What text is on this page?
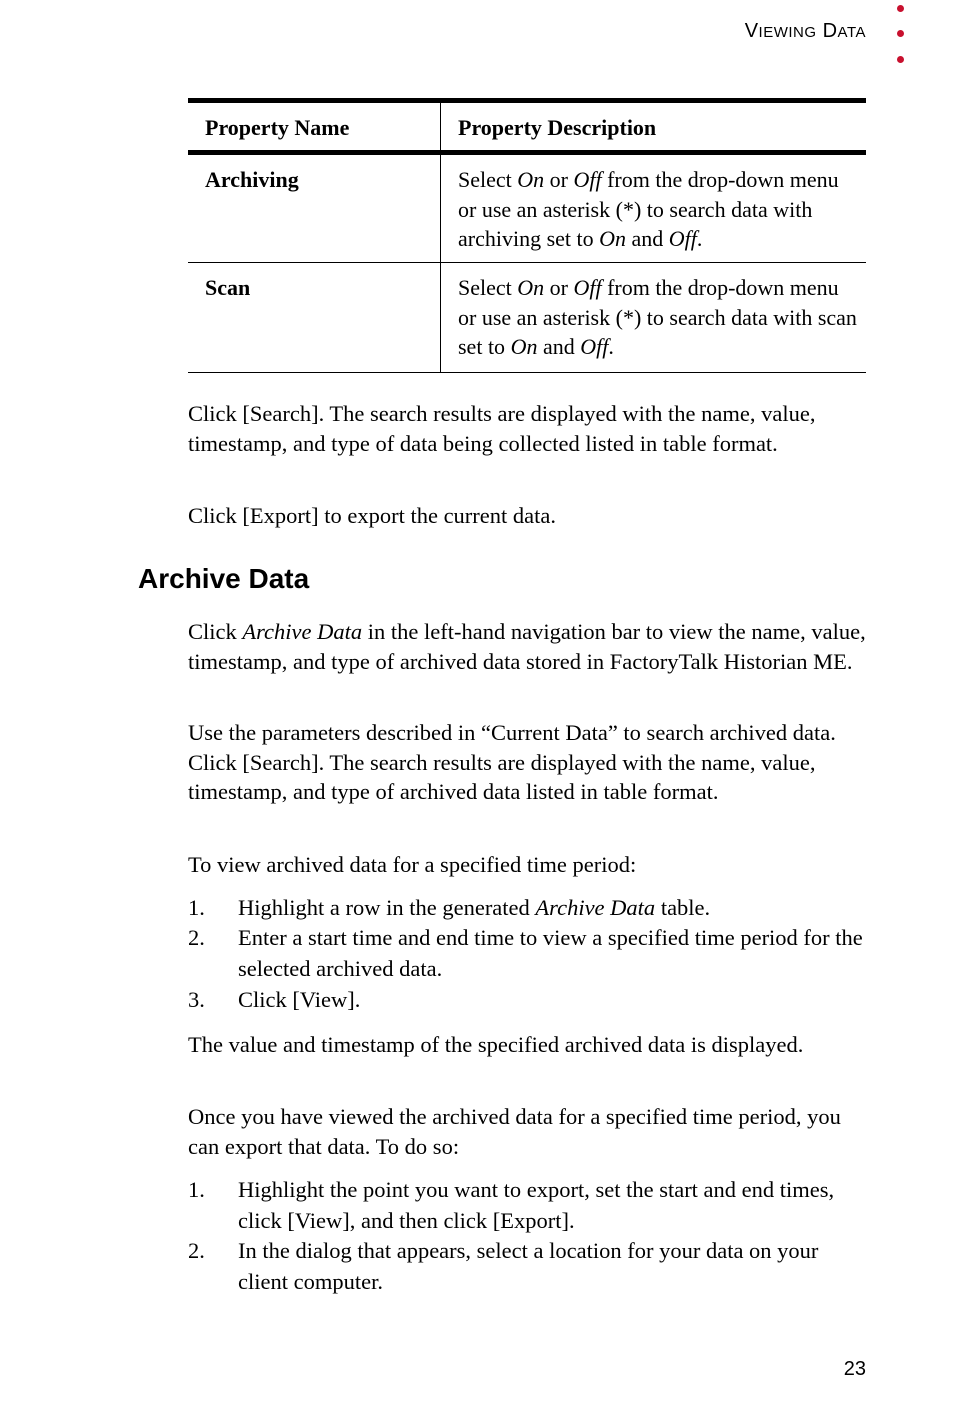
VIEWING DATA
Property Name	Property Description
Archiving	Select On or Off from the drop-down menu or use an asterisk (*) to search data with archiving set to On and Off.
Scan	Select On or Off from the drop-down menu or use an asterisk (*) to search data with scan set to On and Off.

Click [Search]. The search results are displayed with the name, value, timestamp, and type of data being collected listed in table format.

Click [Export] to export the current data.

Archive Data

Click Archive Data in the left-hand navigation bar to view the name, value, timestamp, and type of archived data stored in FactoryTalk Historian ME.

Use the parameters described in “Current Data” to search archived data. Click [Search]. The search results are displayed with the name, value, timestamp, and type of archived data listed in table format.

To view archived data for a specified time period:

1. Highlight a row in the generated Archive Data table.

2. Enter a start time and end time to view a specified time period for the selected archived data.

3. Click [View].

The value and timestamp of the specified archived data is displayed.

Once you have viewed the archived data for a specified time period, you can export that data. To do so:

1. Highlight the point you want to export, set the start and end times, click [View], and then click [Export].

2. In the dialog that appears, select a location for your data on your client computer.

23
